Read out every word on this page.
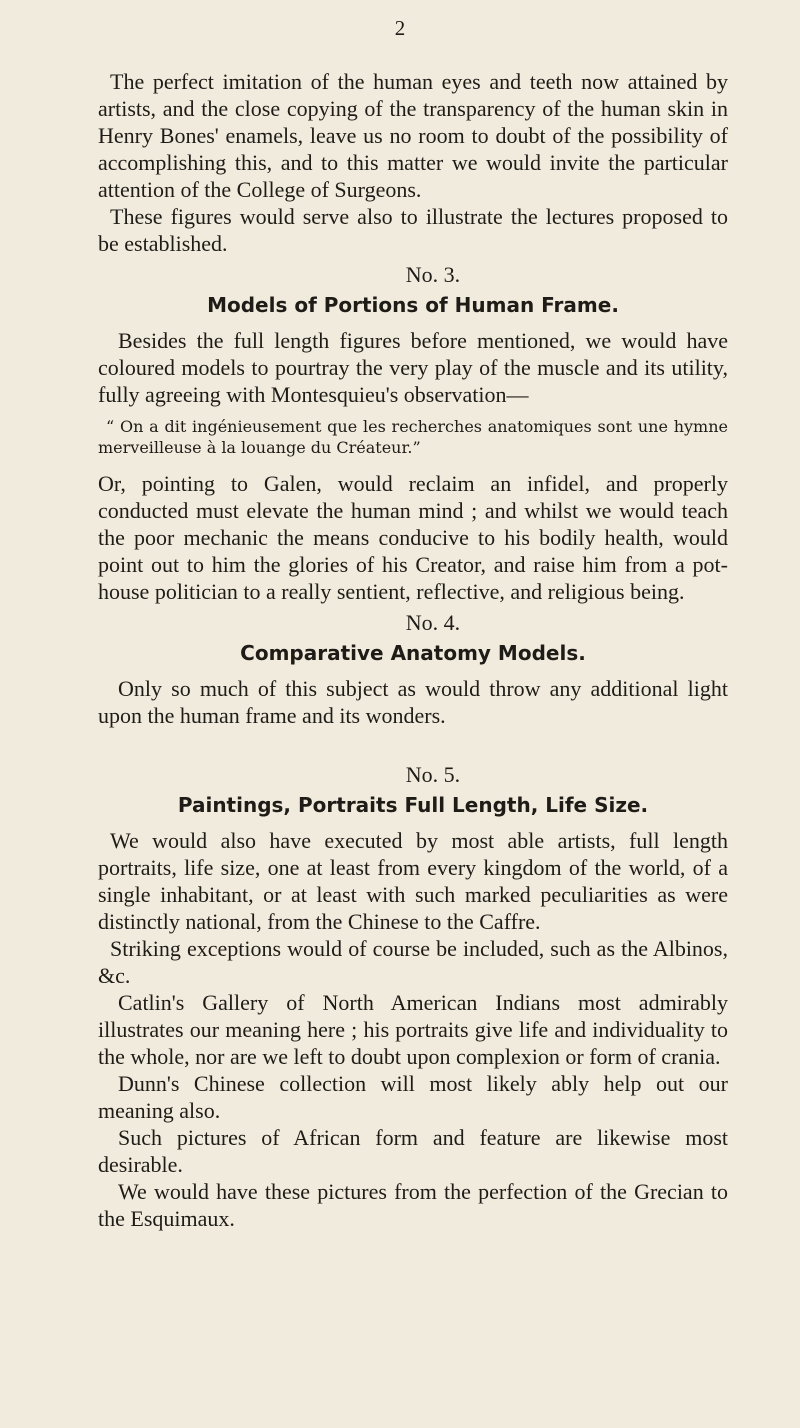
2

The perfect imitation of the human eyes and teeth now attained by artists, and the close copying of the transparency of the human skin in Henry Bones' enamels, leave us no room to doubt of the possibility of accomplishing this, and to this matter we would invite the particular attention of the College of Surgeons.

These figures would serve also to illustrate the lectures proposed to be established.

No. 3.
Models of Portions of Human Frame.

Besides the full length figures before mentioned, we would have coloured models to pourtray the very play of the muscle and its utility, fully agreeing with Montesquieu's observation—

“ On a dit ingénieusement que les recherches anatomiques sont une hymne merveilleuse à la louange du Créateur.”

Or, pointing to Galen, would reclaim an infidel, and properly conducted must elevate the human mind ; and whilst we would teach the poor mechanic the means conducive to his bodily health, would point out to him the glories of his Creator, and raise him from a pot-house politician to a really sentient, reflective, and religious being.

No. 4.
Comparative Anatomy Models.

Only so much of this subject as would throw any additional light upon the human frame and its wonders.

No. 5.
Paintings, Portraits Full Length, Life Size.

We would also have executed by most able artists, full length portraits, life size, one at least from every kingdom of the world, of a single inhabitant, or at least with such marked peculiarities as were distinctly national, from the Chinese to the Caffre.

Striking exceptions would of course be included, such as the Albinos, &c.

Catlin's Gallery of North American Indians most admirably illustrates our meaning here ; his portraits give life and individuality to the whole, nor are we left to doubt upon complexion or form of crania.

Dunn's Chinese collection will most likely ably help out our meaning also.

Such pictures of African form and feature are likewise most desirable.

We would have these pictures from the perfection of the Grecian to the Esquimaux.
